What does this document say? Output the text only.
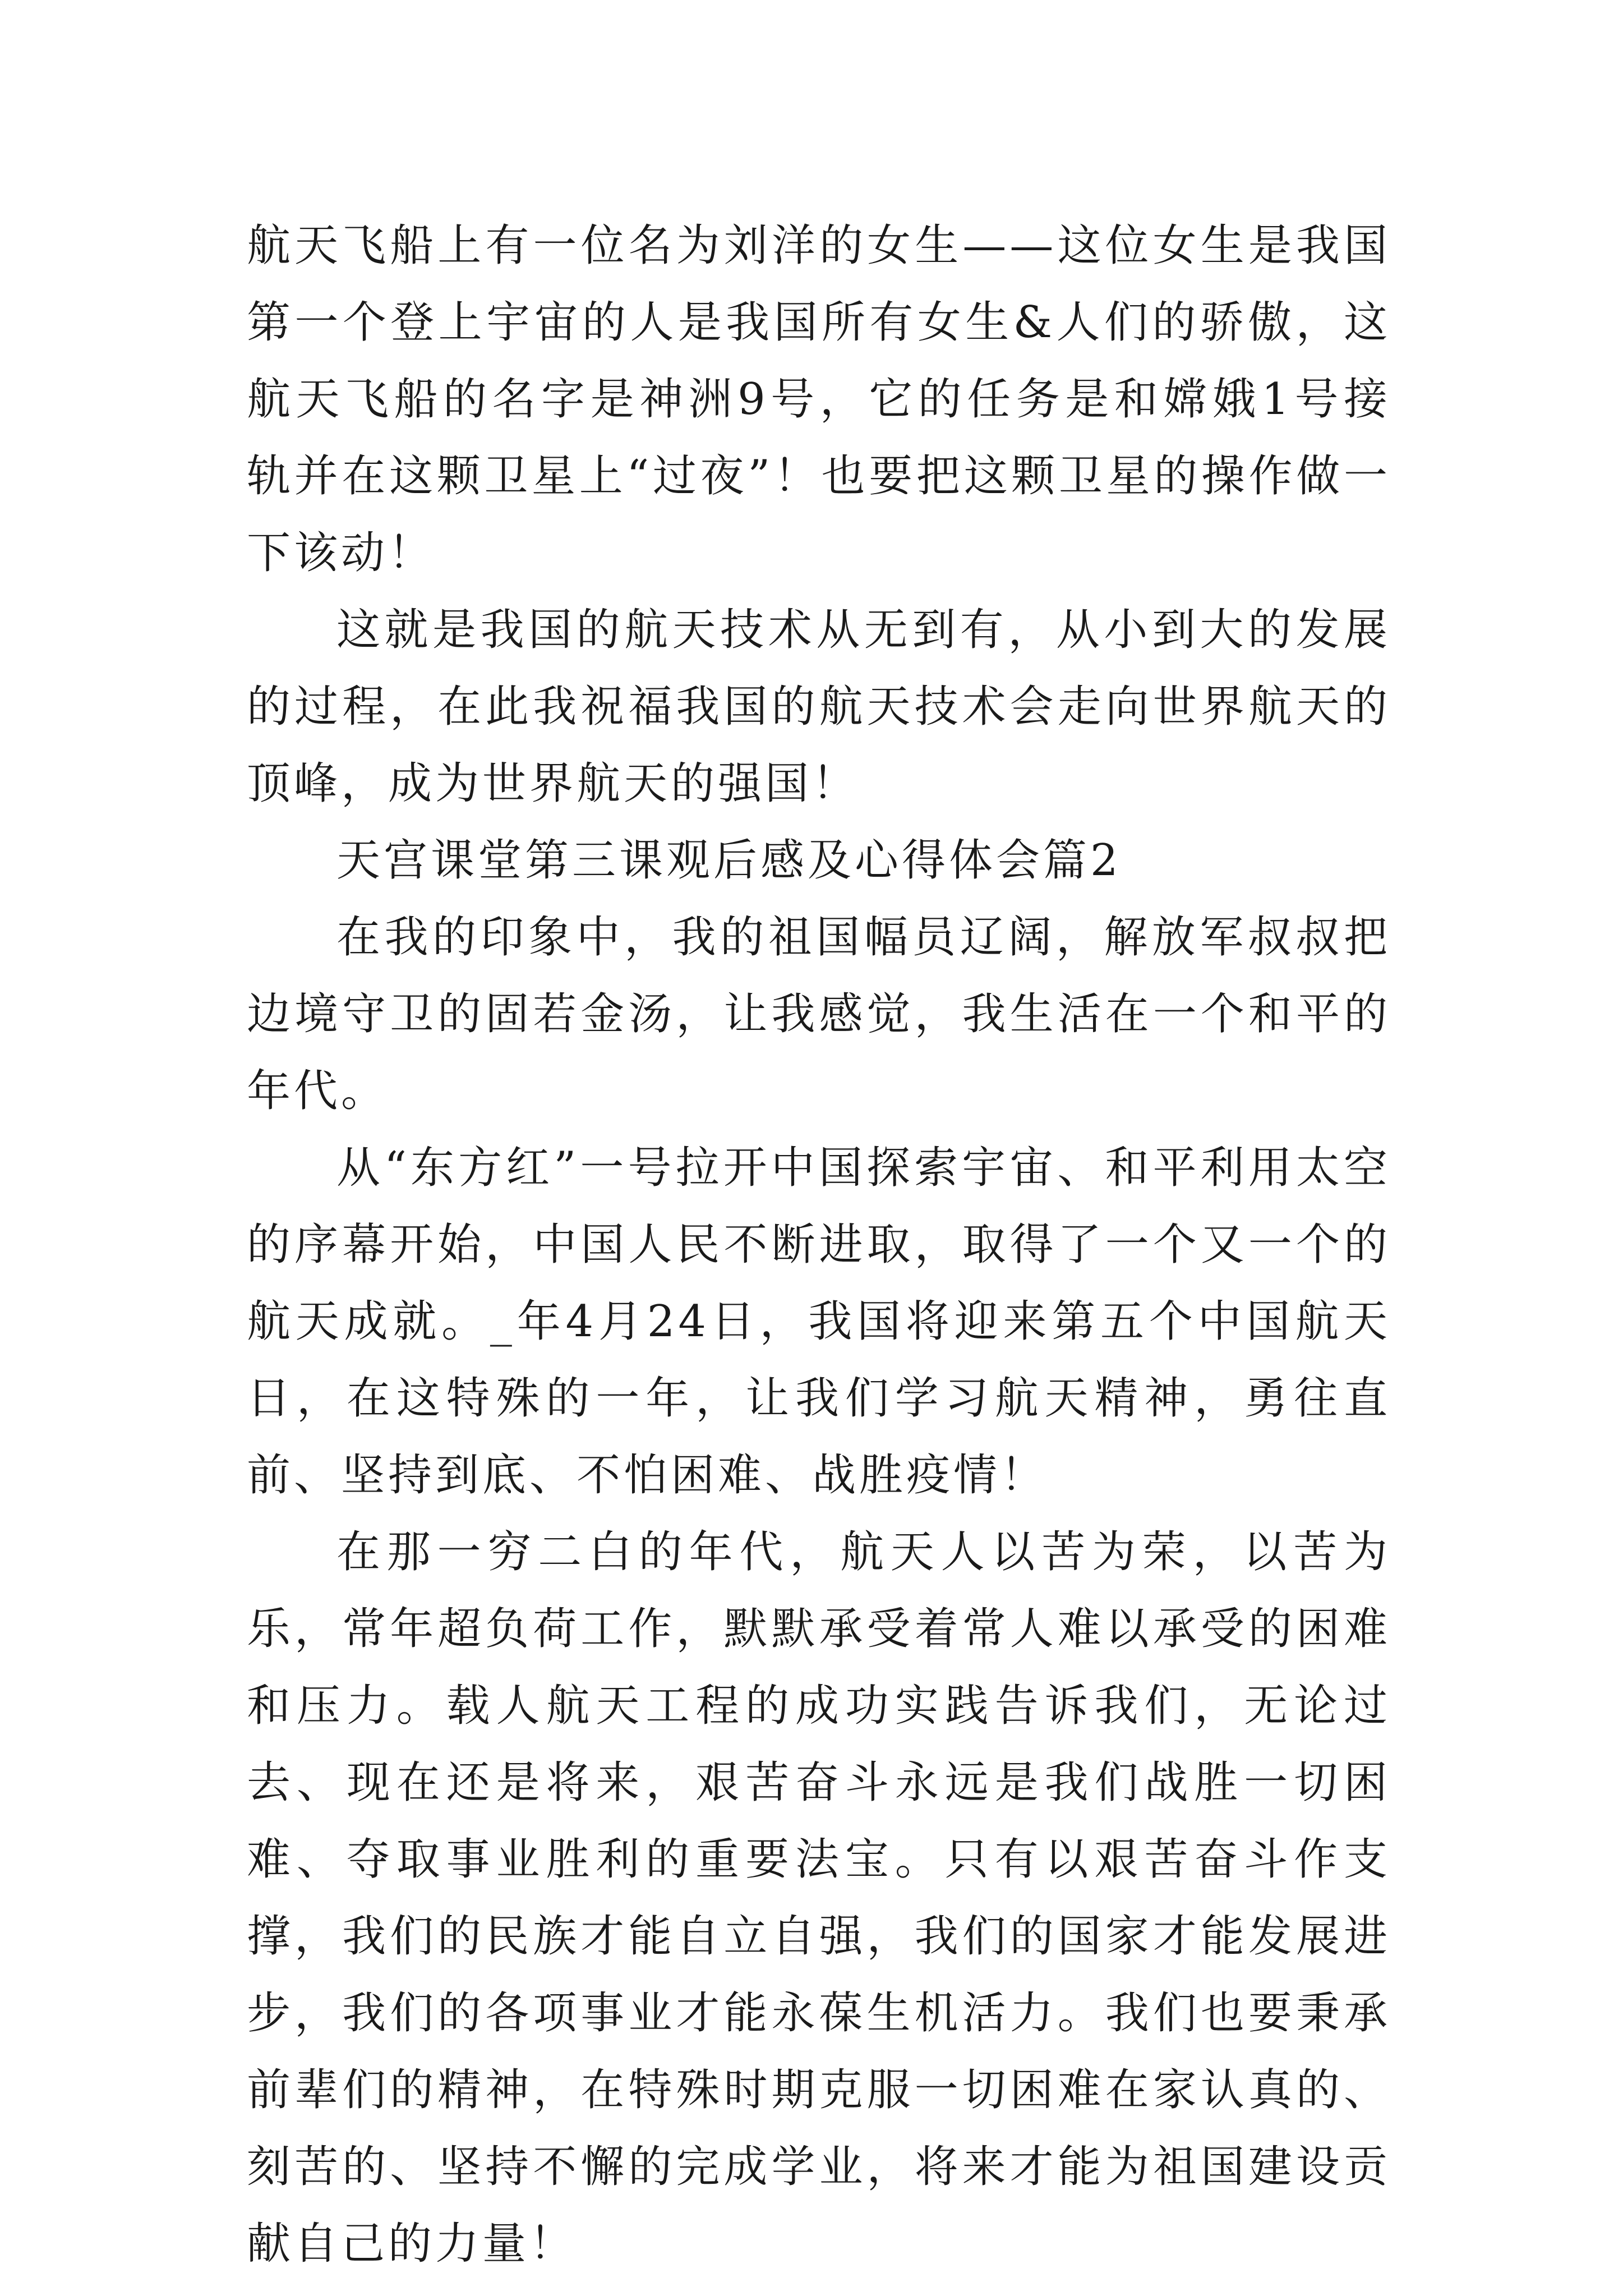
航天飞船上有一位名为刘洋的女生——这位女生是我国第一个登上宇宙的人是我国所有女生&人们的骄傲，这航天飞船的名字是神洲9号，它的任务是和嫦娥1号接轨并在这颗卫星上“过夜”！也要把这颗卫星的操作做一下该动！

这就是我国的航天技术从无到有，从小到大的发展的过程，在此我祝福我国的航天技术会走向世界航天的顶峰，成为世界航天的强国！

天宫课堂第三课观后感及心得体会篇2

在我的印象中，我的祖国幅员辽阔，解放军叔叔把边境守卫的固若金汤，让我感觉，我生活在一个和平的年代。

从“东方红”一号拉开中国探索宇宙、和平利用太空的序幕开始，中国人民不断进取，取得了一个又一个的航天成就。_年4月24日，我国将迎来第五个中国航天日，在这特殊的一年，让我们学习航天精神，勇往直前、坚持到底、不怕困难、战胜疫情！

在那一穷二白的年代，航天人以苦为荣，以苦为乐，常年超负荷工作，默默承受着常人难以承受的困难和压力。载人航天工程的成功实践告诉我们，无论过去、现在还是将来，艰苦奋斗永远是我们战胜一切困难、夺取事业胜利的重要法宝。只有以艰苦奋斗作支撑，我们的民族才能自立自强，我们的国家才能发展进步，我们的各项事业才能永葆生机活力。我们也要秉承前辈们的精神，在特殊时期克服一切困难在家认真的、刻苦的、坚持不懈的完成学业，将来才能为祖国建设贡献自己的力量！
